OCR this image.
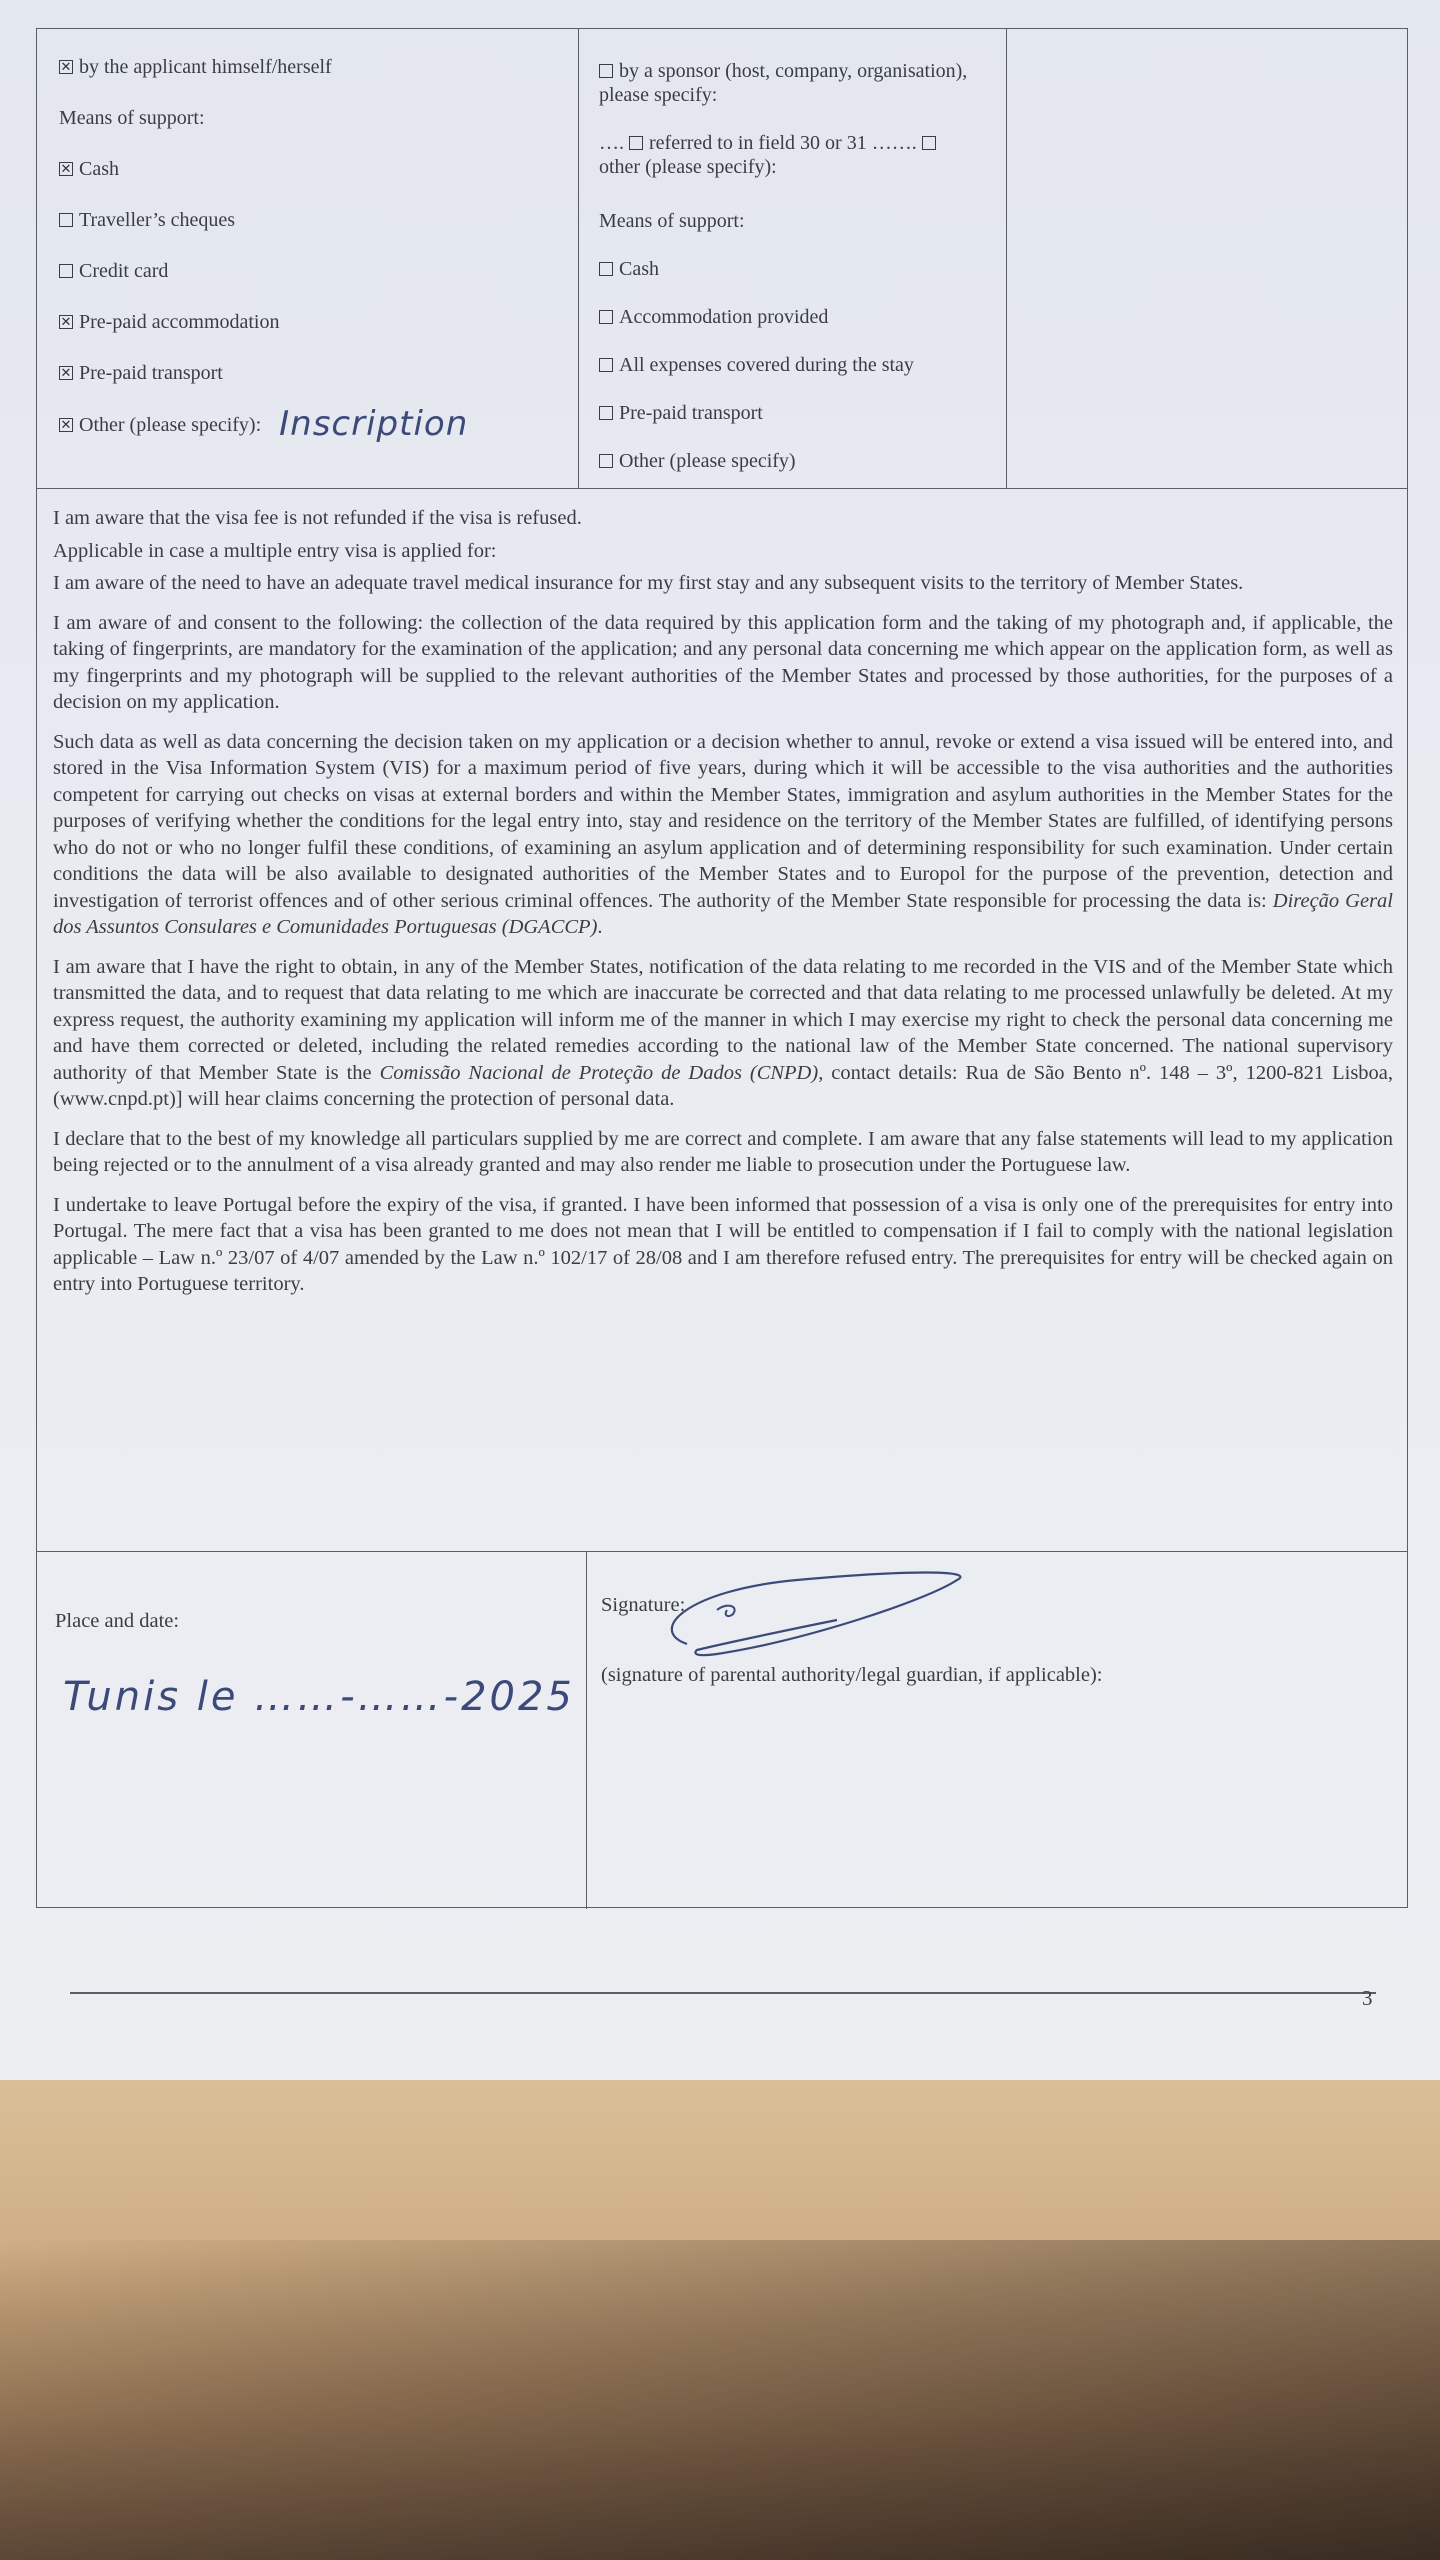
✕by the applicant himself/herself
Means of support:
✕Cash
Traveller’s cheques
Credit card
✕Pre-paid accommodation
✕Pre-paid transport
✕Other (please specify): Inscription
by a sponsor (host, company, organisation), please specify:
…. referred to in field 30 or 31 …….
other (please specify):
Means of support:
Cash
Accommodation provided
All expenses covered during the stay
Pre-paid transport
Other (please specify)

I am aware that the visa fee is not refunded if the visa is refused.

Applicable in case a multiple entry visa is applied for:

I am aware of the need to have an adequate travel medical insurance for my first stay and any subsequent visits to the territory of Member States.

I am aware of and consent to the following: the collection of the data required by this application form and the taking of my photograph and, if applicable, the taking of fingerprints, are mandatory for the examination of the application; and any personal data concerning me which appear on the application form, as well as my fingerprints and my photograph will be supplied to the relevant authorities of the Member States and processed by those authorities, for the purposes of a decision on my application.

Such data as well as data concerning the decision taken on my application or a decision whether to annul, revoke or extend a visa issued will be entered into, and stored in the Visa Information System (VIS) for a maximum period of five years, during which it will be accessible to the visa authorities and the authorities competent for carrying out checks on visas at external borders and within the Member States, immigration and asylum authorities in the Member States for the purposes of verifying whether the conditions for the legal entry into, stay and residence on the territory of the Member States are fulfilled, of identifying persons who do not or who no longer fulfil these conditions, of examining an asylum application and of determining responsibility for such examination. Under certain conditions the data will be also available to designated authorities of the Member States and to Europol for the purpose of the prevention, detection and investigation of terrorist offences and of other serious criminal offences. The authority of the Member State responsible for processing the data is: Direção Geral dos Assuntos Consulares e Comunidades Portuguesas (DGACCP).

I am aware that I have the right to obtain, in any of the Member States, notification of the data relating to me recorded in the VIS and of the Member State which transmitted the data, and to request that data relating to me which are inaccurate be corrected and that data relating to me processed unlawfully be deleted. At my express request, the authority examining my application will inform me of the manner in which I may exercise my right to check the personal data concerning me and have them corrected or deleted, including the related remedies according to the national law of the Member State concerned. The national supervisory authority of that Member State is the Comissão Nacional de Proteção de Dados (CNPD), contact details: Rua de São Bento nº. 148 – 3º, 1200-821 Lisboa, (www.cnpd.pt)] will hear claims concerning the protection of personal data.

I declare that to the best of my knowledge all particulars supplied by me are correct and complete. I am aware that any false statements will lead to my application being rejected or to the annulment of a visa already granted and may also render me liable to prosecution under the Portuguese law.

I undertake to leave Portugal before the expiry of the visa, if granted. I have been informed that possession of a visa is only one of the prerequisites for entry into Portugal. The mere fact that a visa has been granted to me does not mean that I will be entitled to compensation if I fail to comply with the national legislation applicable – Law n.º 23/07 of 4/07 amended by the Law n.º 102/17 of 28/08 and I am therefore refused entry. The prerequisites for entry will be checked again on entry into Portuguese territory.

Place and date:
Tunis le ……-……-2025
Signature:
(signature of parental authority/legal guardian, if applicable):
3
